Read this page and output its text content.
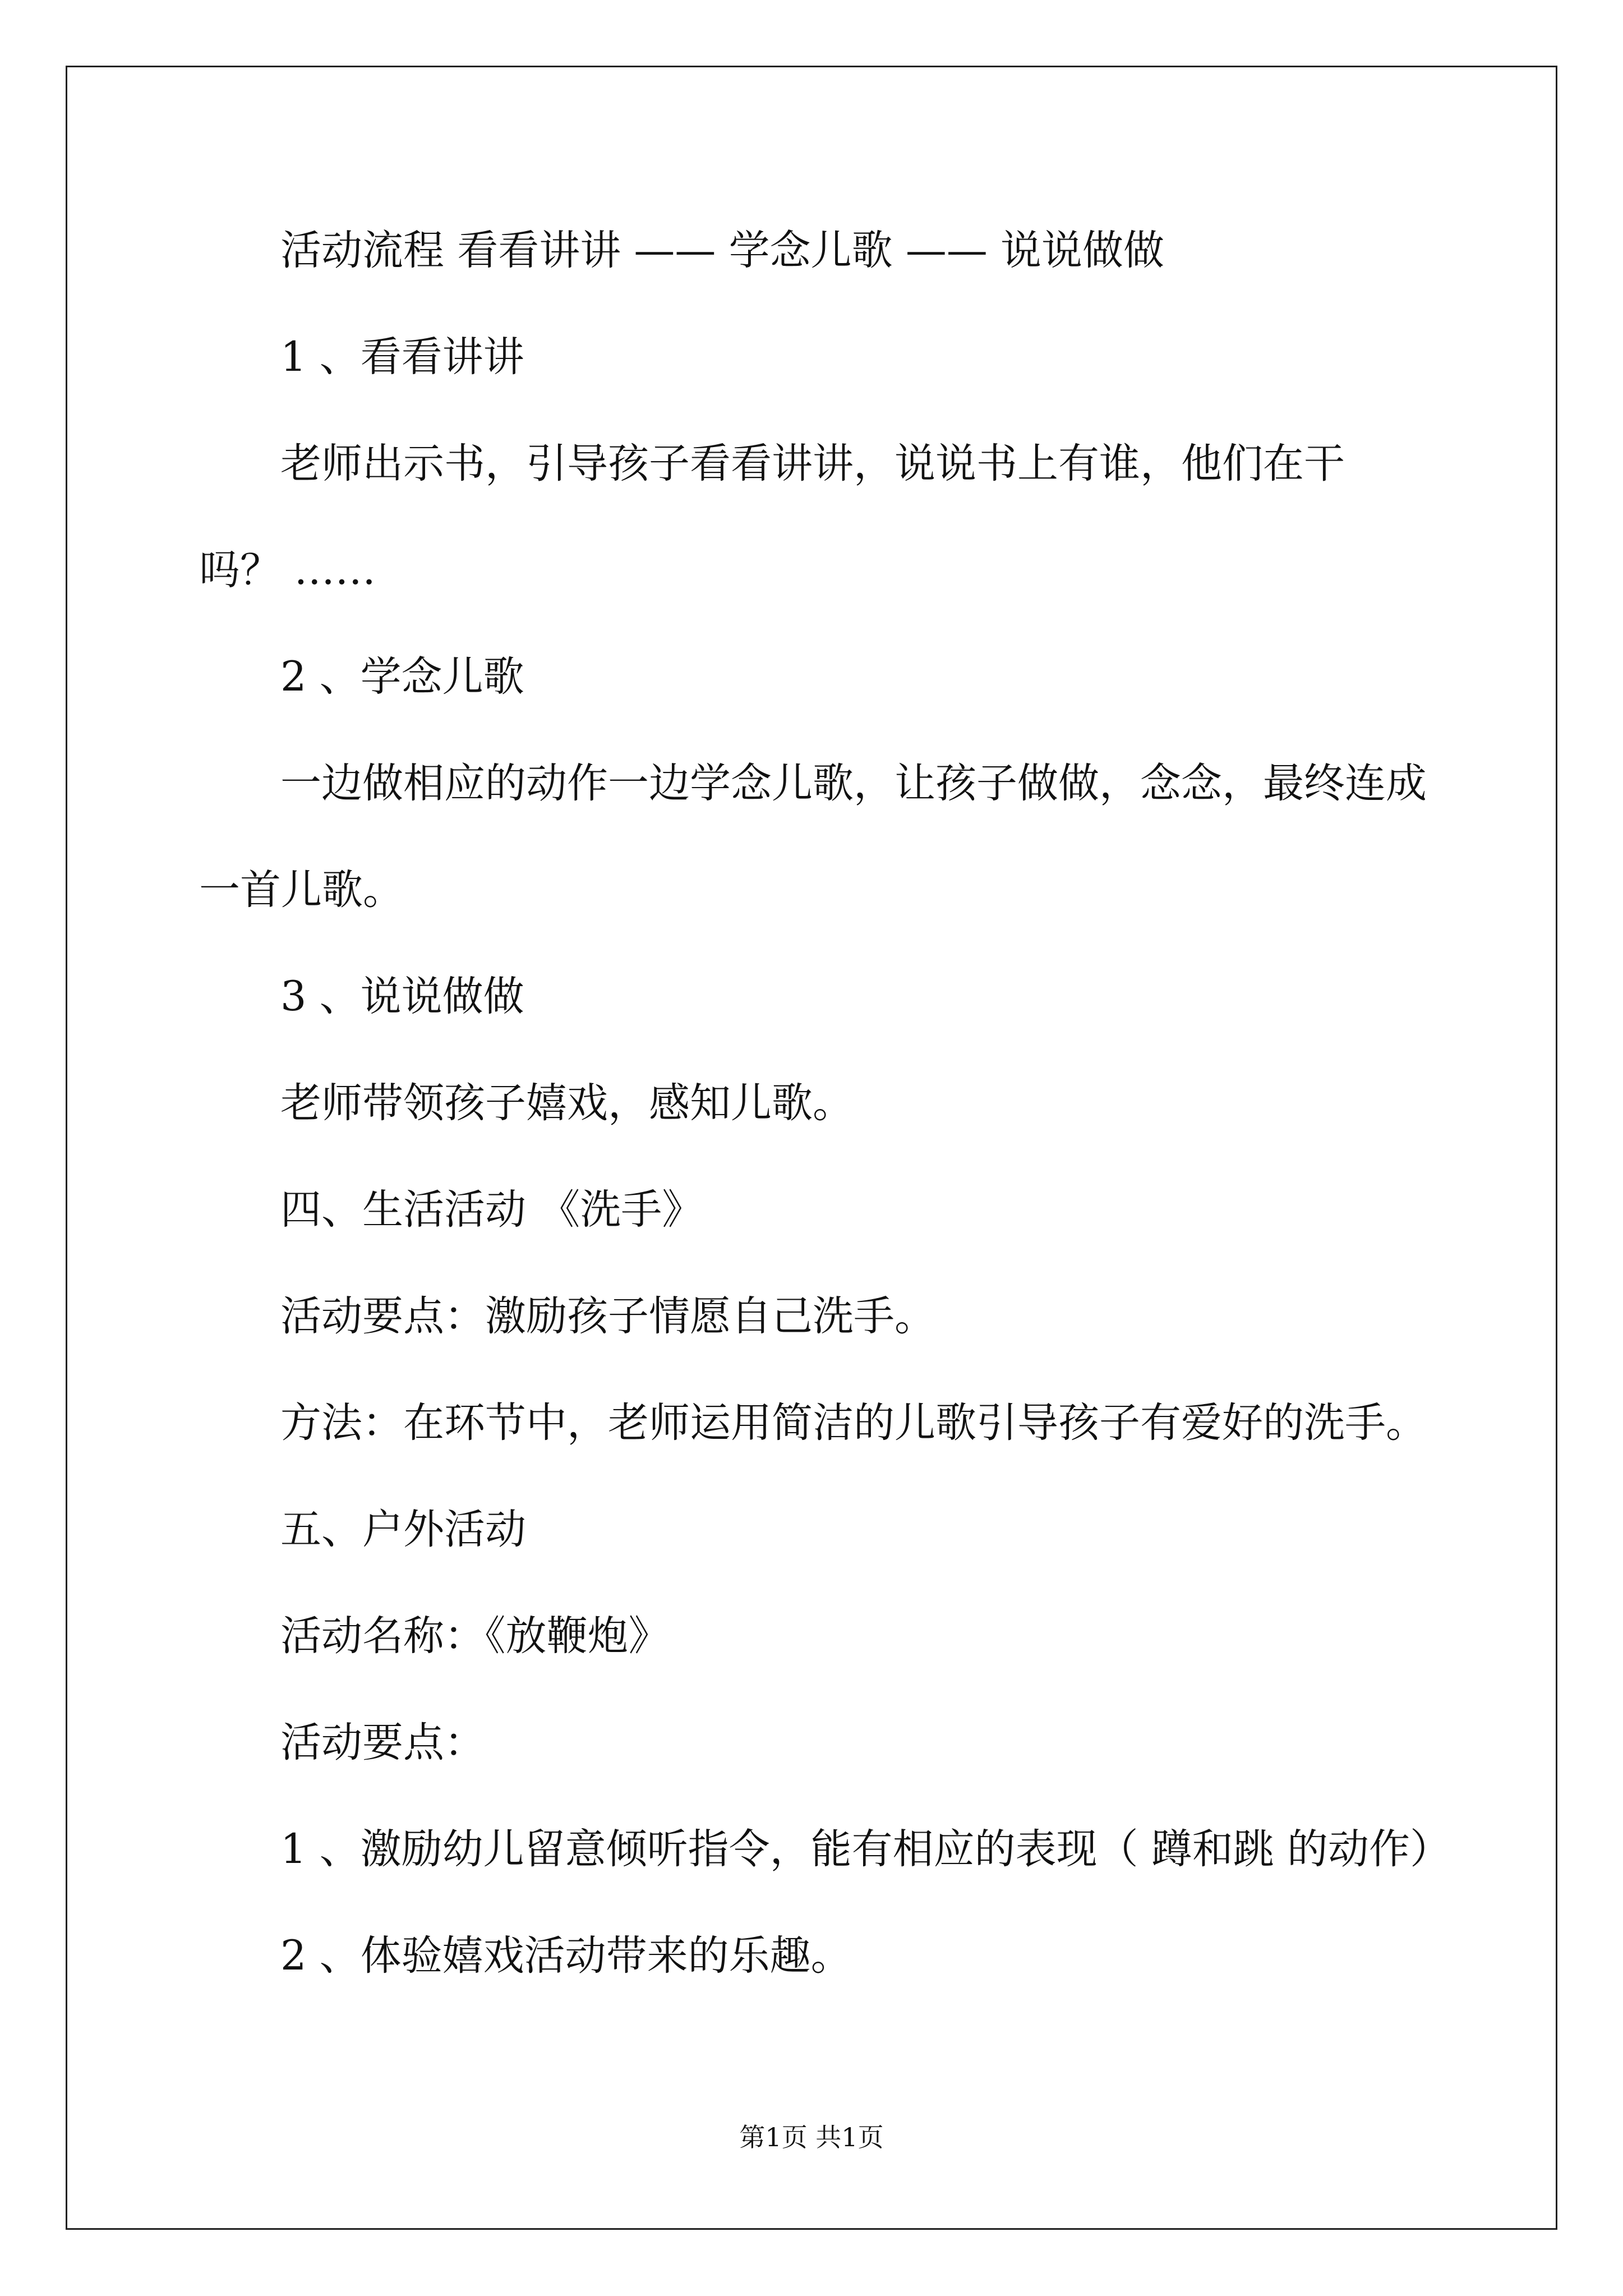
活动流程 看看讲讲 —— 学念儿歌 —— 说说做做
1 、看看讲讲
老师出示书，引导孩子看看讲讲，说说书上有谁，他们在干
吗？ ……
2 、学念儿歌
一边做相应的动作一边学念儿歌，让孩子做做，念念，最终连成
一首儿歌。
3 、说说做做
老师带领孩子嬉戏，感知儿歌。
四、生活活动 《洗手》
活动要点：激励孩子情愿自己洗手。
方法：在环节中，老师运用简洁的儿歌引导孩子有爱好的洗手。
五、户外活动
活动名称：《放鞭炮》
活动要点：
1 、激励幼儿留意倾听指令，能有相应的表现（ 蹲和跳 的动作）
2 、体验嬉戏活动带来的乐趣。
第1页 共1页
